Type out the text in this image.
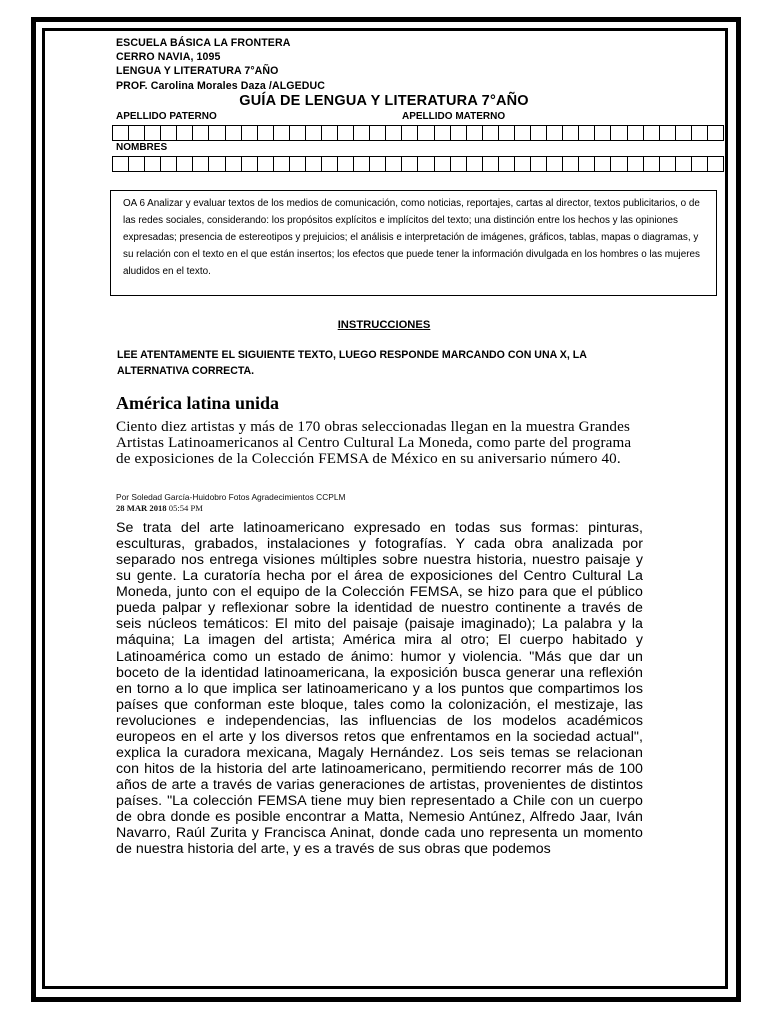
ESCUELA BÁSICA LA FRONTERA
CERRO NAVIA, 1095
LENGUA Y LITERATURA 7°AÑO
PROF. Carolina Morales Daza /ALGEDUC
GUÍA DE LENGUA Y LITERATURA 7°AÑO
APELLIDO PATERNO	APELLIDO MATERNO
NOMBRES
OA 6 Analizar y evaluar textos de los medios de comunicación, como noticias, reportajes, cartas al director, textos publicitarios, o de las redes sociales, considerando: los propósitos explícitos e implícitos del texto; una distinción entre los hechos y las opiniones expresadas; presencia de estereotipos y prejuicios; el análisis e interpretación de imágenes, gráficos, tablas, mapas o diagramas, y su relación con el texto en el que están insertos; los efectos que puede tener la información divulgada en los hombres o las mujeres aludidos en el texto.
INSTRUCCIONES
LEE ATENTAMENTE EL SIGUIENTE TEXTO, LUEGO RESPONDE MARCANDO CON UNA X, LA ALTERNATIVA CORRECTA.
América latina unida
Ciento diez artistas y más de 170 obras seleccionadas llegan en la muestra Grandes Artistas Latinoamericanos al Centro Cultural La Moneda, como parte del programa de exposiciones de la Colección FEMSA de México en su aniversario número 40.
Por Soledad García-Huidobro Fotos Agradecimientos CCPLM
28 MAR 2018 05:54 PM
Se trata del arte latinoamericano expresado en todas sus formas: pinturas, esculturas, grabados, instalaciones y fotografías. Y cada obra analizada por separado nos entrega visiones múltiples sobre nuestra historia, nuestro paisaje y su gente. La curatoría hecha por el área de exposiciones del Centro Cultural La Moneda, junto con el equipo de la Colección FEMSA, se hizo para que el público pueda palpar y reflexionar sobre la identidad de nuestro continente a través de seis núcleos temáticos: El mito del paisaje (paisaje imaginado); La palabra y la máquina; La imagen del artista; América mira al otro; El cuerpo habitado y Latinoamérica como un estado de ánimo: humor y violencia. "Más que dar un boceto de la identidad latinoamericana, la exposición busca generar una reflexión en torno a lo que implica ser latinoamericano y a los puntos que compartimos los países que conforman este bloque, tales como la colonización, el mestizaje, las revoluciones e independencias, las influencias de los modelos académicos europeos en el arte y los diversos retos que enfrentamos en la sociedad actual", explica la curadora mexicana, Magaly Hernández. Los seis temas se relacionan con hitos de la historia del arte latinoamericano, permitiendo recorrer más de 100 años de arte a través de varias generaciones de artistas, provenientes de distintos países. "La colección FEMSA tiene muy bien representado a Chile con un cuerpo de obra donde es posible encontrar a Matta, Nemesio Antúnez, Alfredo Jaar, Iván Navarro, Raúl Zurita y Francisca Aninat, donde cada uno representa un momento de nuestra historia del arte, y es a través de sus obras que podemos
